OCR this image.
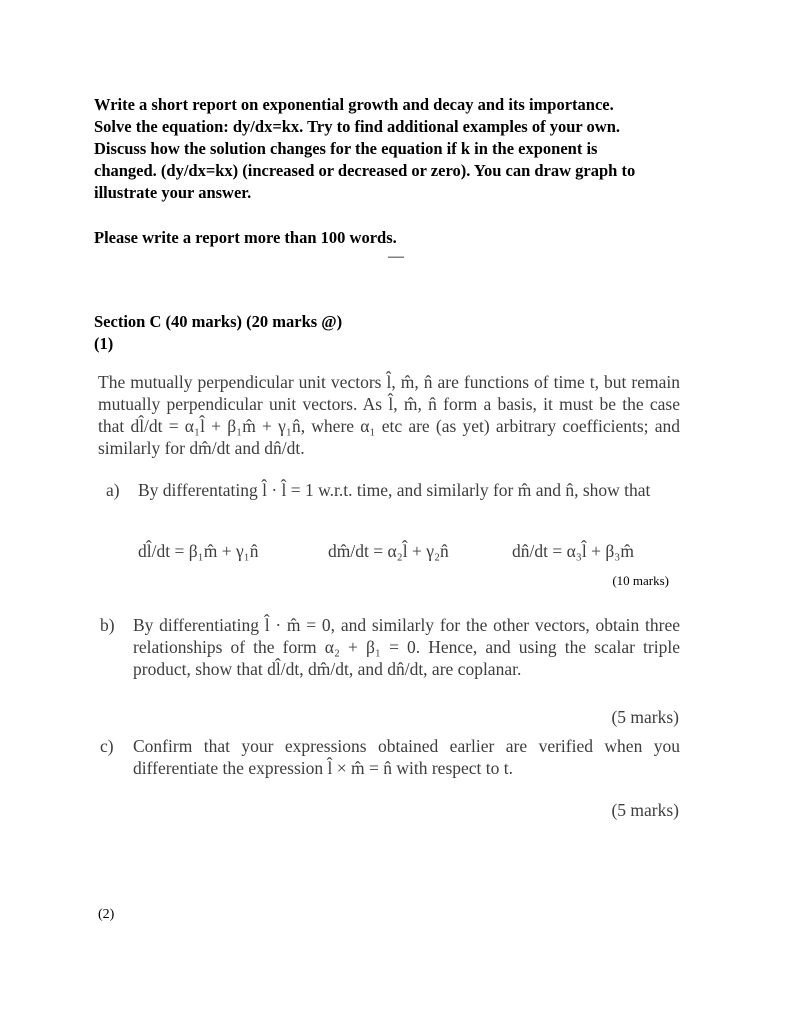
Write a short report on exponential growth and decay and its importance.
Solve the equation: dy/dx=kx. Try to find additional examples of your own.
Discuss how the solution changes for the equation if k in the exponent is
changed. (dy/dx=kx) (increased or decreased or zero). You can draw graph to
illustrate your answer.
Please write a report more than 100 words.
—
Section C (40 marks) (20 marks @)
(1)
The mutually perpendicular unit vectors l̂, m̂, n̂ are functions of time t, but remain mutually perpendicular unit vectors. As l̂, m̂, n̂ form a basis, it must be the case that dl̂/dt = α₁l̂ + β₁m̂ + γ₁n̂, where α₁ etc are (as yet) arbitrary coefficients; and similarly for dm̂/dt and dn̂/dt.
a) By differentating l̂ · l̂ = 1 w.r.t. time, and similarly for m̂ and n̂, show that
dl̂/dt = β₁m̂ + γ₁n̂	dm̂/dt = α₂l̂ + γ₂n̂	dn̂/dt = α₃l̂ + β₃m̂
(10 marks)
b) By differentiating l̂ · m̂ = 0, and similarly for the other vectors, obtain three relationships of the form α₂ + β₁ = 0. Hence, and using the scalar triple product, show that dl̂/dt, dm̂/dt, and dn̂/dt, are coplanar.
(5 marks)
c) Confirm that your expressions obtained earlier are verified when you differentiate the expression l̂ × m̂ = n̂ with respect to t.
(5 marks)
(2)
